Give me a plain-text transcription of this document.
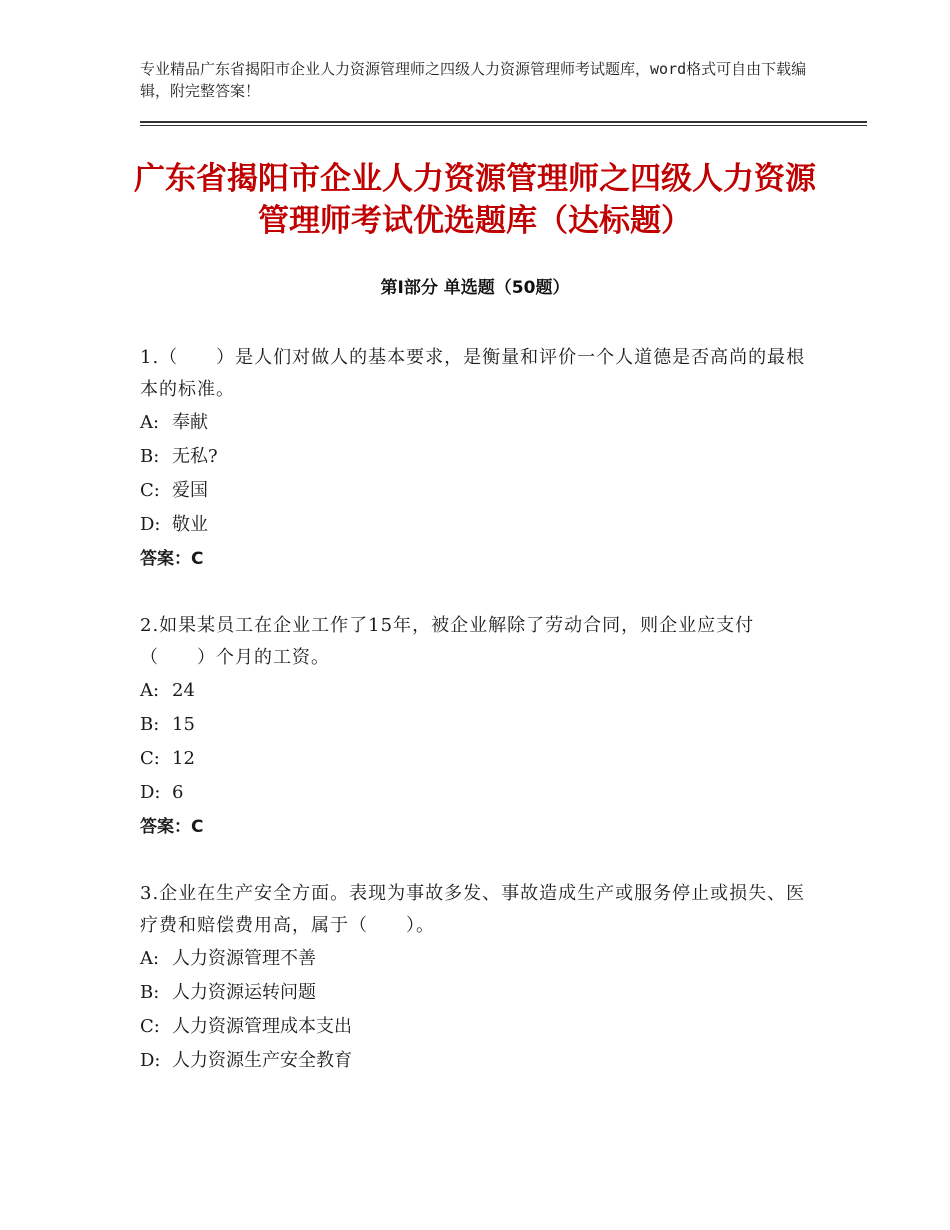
专业精品广东省揭阳市企业人力资源管理师之四级人力资源管理师考试题库，word格式可自由下载编辑，附完整答案！
广东省揭阳市企业人力资源管理师之四级人力资源管理师考试优选题库（达标题）
第Ⅰ部分 单选题（50题）

1.（　　）是人们对做人的基本要求，是衡量和评价一个人道德是否高尚的最根本的标准。

A: 奉献
B: 无私?
C: 爱国
D: 敬业

答案：C

2.如果某员工在企业工作了15年，被企业解除了劳动合同，则企业应支付（　　）个月的工资。

A: 24
B: 15
C: 12
D: 6

答案：C

3.企业在生产安全方面。表现为事故多发、事故造成生产或服务停止或损失、医疗费和赔偿费用高，属于（　　）。

A: 人力资源管理不善
B: 人力资源运转问题
C: 人力资源管理成本支出
D: 人力资源生产安全教育
